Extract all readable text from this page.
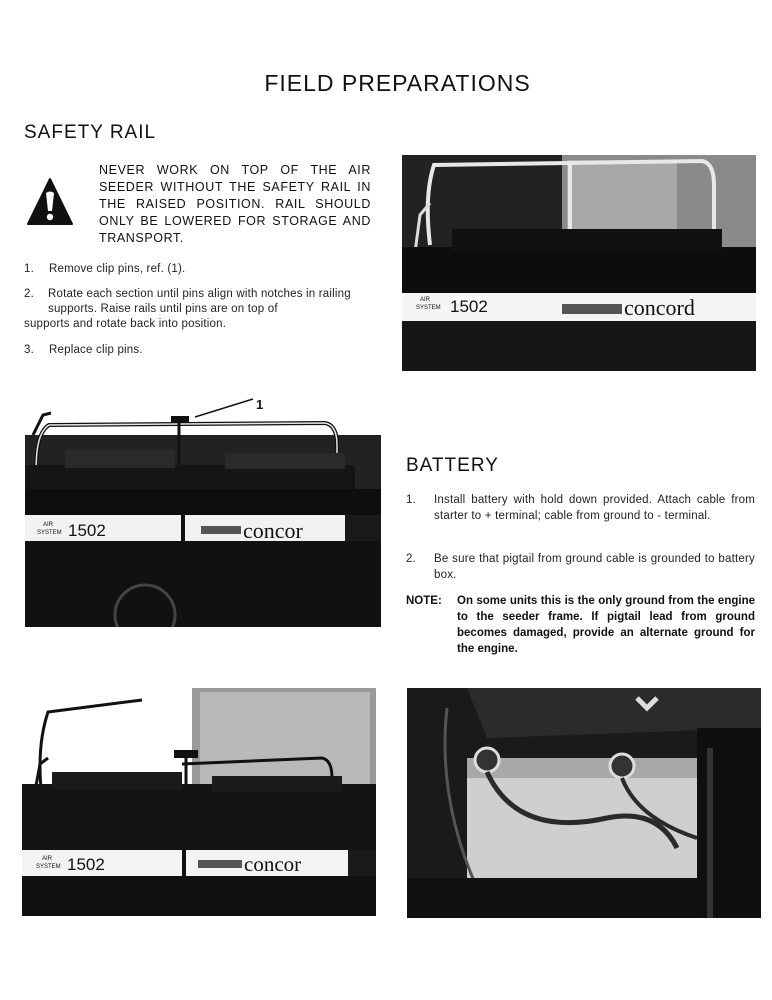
FIELD PREPARATIONS
SAFETY RAIL
NEVER WORK ON TOP OF THE AIR SEEDER WITHOUT THE SAFETY RAIL IN THE RAISED POSITION. RAIL SHOULD ONLY BE LOWERED FOR STORAGE AND TRANSPORT.
1. Remove clip pins, ref. (1).
2. Rotate each section until pins align with notches in railing supports. Raise rails until pins are on top of
supports and rotate back into position.
3. Replace clip pins.
AIR
SYSTEM 1502	concord
1
AIR
SYSTEM 1502	concor
BATTERY
1. Install battery with hold down provided. Attach cable from starter to + terminal; cable from ground to - terminal.
2. Be sure that pigtail from ground cable is grounded to battery box.
NOTE: On some units this is the only ground from the engine to the seeder frame. If pigtail lead from ground becomes damaged, provide an alternate ground for the engine.
AIR
SYSTEM 1502	concor
